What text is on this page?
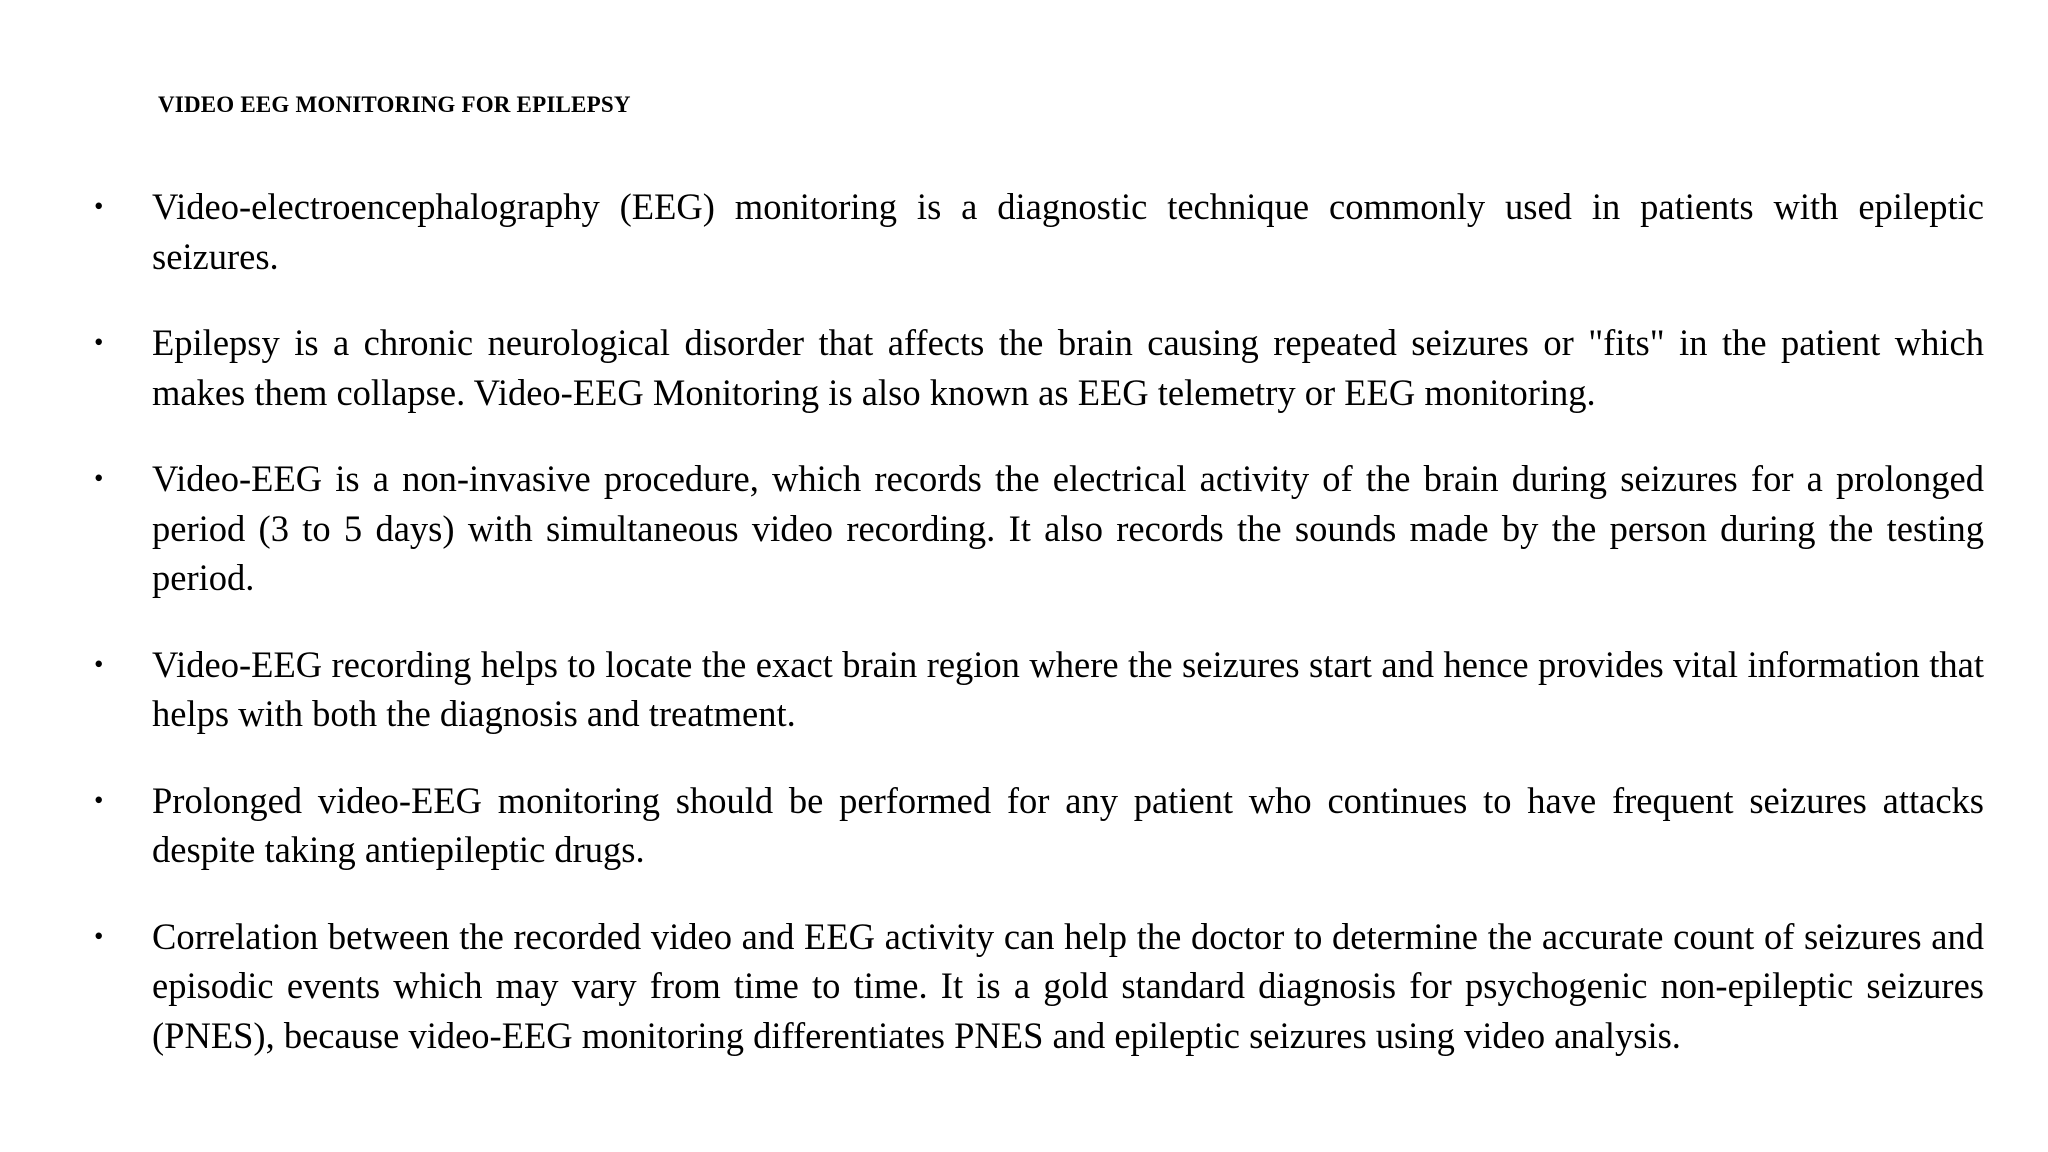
VIDEO EEG MONITORING FOR EPILEPSY
• Video-electroencephalography (EEG) monitoring is a diagnostic technique commonly used in patients with epileptic seizures.
• Epilepsy is a chronic neurological disorder that affects the brain causing repeated seizures or "fits" in the patient which makes them collapse. Video-EEG Monitoring is also known as EEG telemetry or EEG monitoring.
• Video-EEG is a non-invasive procedure, which records the electrical activity of the brain during seizures for a prolonged period (3 to 5 days) with simultaneous video recording. It also records the sounds made by the person during the testing period.
• Video-EEG recording helps to locate the exact brain region where the seizures start and hence provides vital information that helps with both the diagnosis and treatment.
• Prolonged video-EEG monitoring should be performed for any patient who continues to have frequent seizures attacks despite taking antiepileptic drugs.
• Correlation between the recorded video and EEG activity can help the doctor to determine the accurate count of seizures and episodic events which may vary from time to time. It is a gold standard diagnosis for psychogenic non-epileptic seizures (PNES), because video-EEG monitoring differentiates PNES and epileptic seizures using video analysis.
